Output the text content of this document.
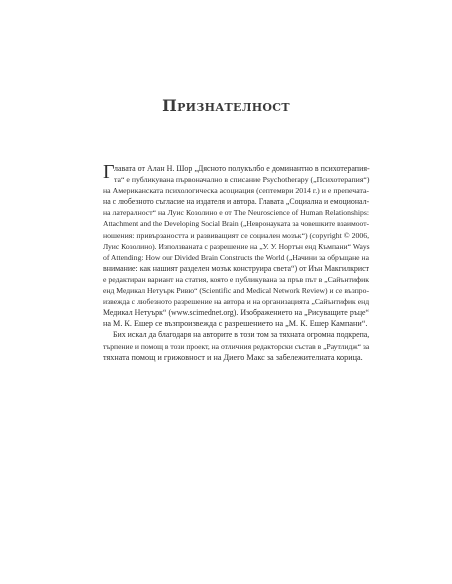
Признателност
Г лавата от Алан Н. Шор „Дясното полукълбо е доминантно в психотерапия-
та“ е публикувана първоначално в списание Psychotherapy („Психотерапия“)
на Американската психологическа асоциация (септември 2014 г.) и е препечата-
на с любезното съгласие на издателя и автора. Главата „Социална и емоционал-
на латералност“ на Луис Козолино е от The Neuroscience of Human Relationships:
Attachment and the Developing Social Brain („Невронауката за човешките взаимоот-
ношения: привързаността и развиващият се социален мозък“) (copyright © 2006,
Луис Козолино). Използваната с разрешение на „У. У. Нортън енд Къмпани“ Ways
of Attending: How our Divided Brain Constructs the World („Начини за обръщане на
внимание: как нашият разделен мозък конструира света“) от Иън Макгилкрист
е редактиран вариант на статия, която е публикувана за пръв път в „Сайънтифик
енд Медикал Нетуърк Ривю“ (Scientific and Medical Network Review) и се възпро-
извежда с любезното разрешение на автора и на организацията „Сайънтифик енд
Медикал Нетуърк“ (www.scimednet.org). Изображението на „Рисуващите ръце“
на М. К. Ешер се възпроизвежда с разрешението на „М. К. Ешер Кампани“.
Бих искал да благодаря на авторите в този том за тяхната огромна подкрепа,
търпение и помощ в този проект, на отличния редакторски състав в „Раутлидж“ за
тяхната помощ и грижовност и на Диего Макс за забележителната корица.
